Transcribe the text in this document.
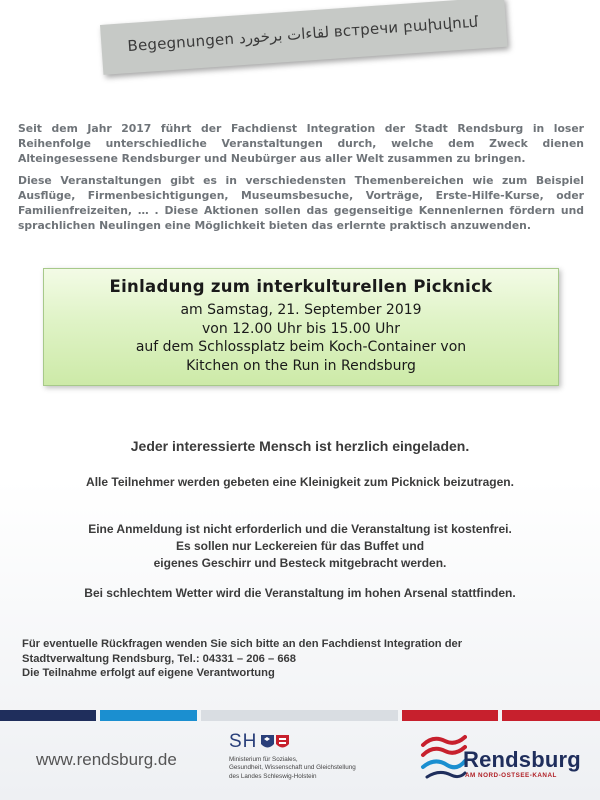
Begegnungen لقاءات برخورد встречи բախվում

Seit dem Jahr 2017 führt der Fachdienst Integration der Stadt Rendsburg in loser Reihenfolge unterschiedliche Veranstaltungen durch, welche dem Zweck dienen Alteingesessene Rendsburger und Neubürger aus aller Welt zusammen zu bringen.

Diese Veranstaltungen gibt es in verschiedensten Themenbereichen wie zum Beispiel Ausflüge, Firmenbesichtigungen, Museumsbesuche, Vorträge, Erste-Hilfe-Kurse, oder Familienfreizeiten, … . Diese Aktionen sollen das gegenseitige Kennenlernen fördern und sprachlichen Neulingen eine Möglichkeit bieten das erlernte praktisch anzuwenden.

Einladung zum interkulturellen Picknick
am Samstag, 21. September 2019
von 12.00 Uhr bis 15.00 Uhr
auf dem Schlossplatz beim Koch-Container von
Kitchen on the Run in Rendsburg
Jeder interessierte Mensch ist herzlich eingeladen.
Alle Teilnehmer werden gebeten eine Kleinigkeit zum Picknick beizutragen.
Eine Anmeldung ist nicht erforderlich und die Veranstaltung ist kostenfrei.
Es sollen nur Leckereien für das Buffet und
eigenes Geschirr und Besteck mitgebracht werden.
Bei schlechtem Wetter wird die Veranstaltung im hohen Arsenal stattfinden.
Für eventuelle Rückfragen wenden Sie sich bitte an den Fachdienst Integration der
Stadtverwaltung Rendsburg, Tel.: 04331 – 206 – 668
Die Teilnahme erfolgt auf eigene Verantwortung
www.rendsburg.de
SH
Ministerium für Soziales,
Gesundheit, Wissenschaft und Gleichstellung
des Landes Schleswig-Holstein
Rendsburg
AM NORD-OSTSEE-KANAL
